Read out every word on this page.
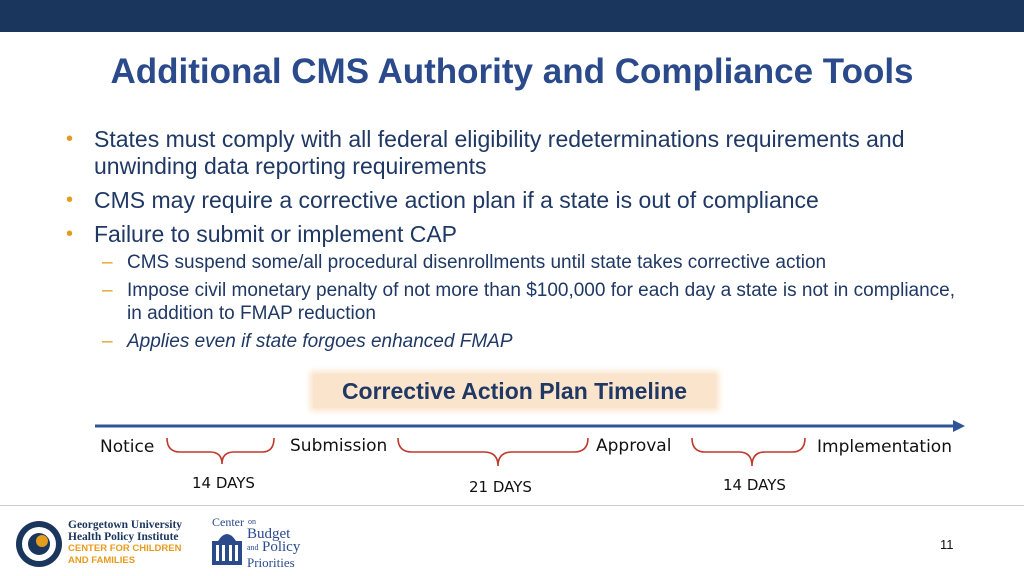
Additional CMS Authority and Compliance Tools
• States must comply with all federal eligibility redeterminations requirements and unwinding data reporting requirements
• CMS may require a corrective action plan if a state is out of compliance
• Failure to submit or implement CAP
– CMS suspend some/all procedural disenrollments until state takes corrective action
– Impose civil monetary penalty of not more than $100,000 for each day a state is not in compliance, in addition to FMAP reduction
– Applies even if state forgoes enhanced FMAP
Corrective Action Plan Timeline
Notice	Submission	Approval	Implementation
14 DAYS	21 DAYS	14 DAYS
Georgetown University
Health Policy Institute
CENTER FOR CHILDREN
AND FAMILIES
Center on
Budget
and Policy
Priorities
11
